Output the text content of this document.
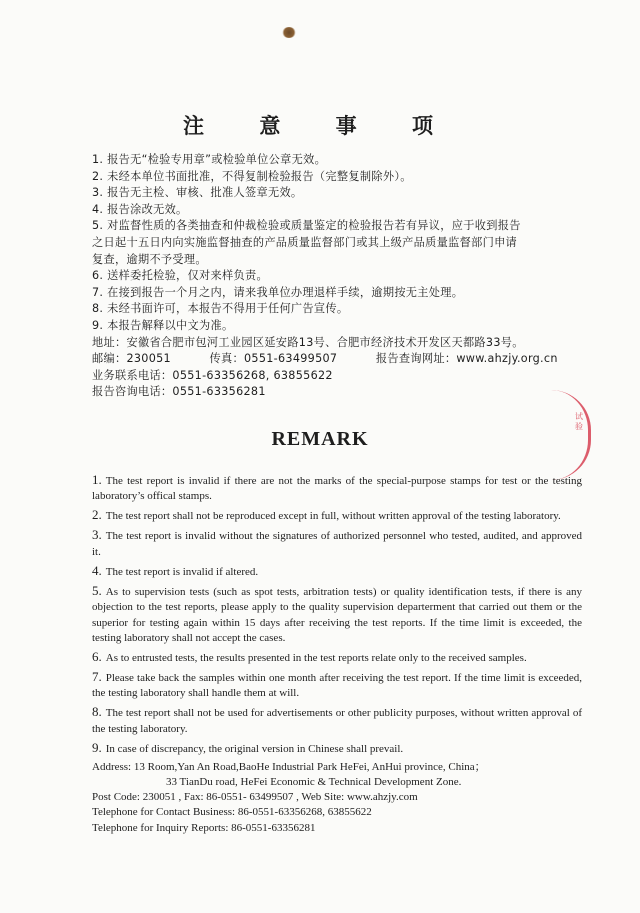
注 意 事 项
1. 报告无“检验专用章”或检验单位公章无效。
2. 未经本单位书面批准，不得复制检验报告（完整复制除外）。
3. 报告无主检、审核、批准人签章无效。
4. 报告涂改无效。
5. 对监督性质的各类抽查和仲裁检验或质量鉴定的检验报告若有异议，应于收到报告
之日起十五日内向实施监督抽查的产品质量监督部门或其上级产品质量监督部门申请
复查，逾期不予受理。
6. 送样委托检验，仅对来样负责。
7. 在接到报告一个月之内，请来我单位办理退样手续，逾期按无主处理。
8. 未经书面许可，本报告不得用于任何广告宣传。
9. 本报告解释以中文为准。
地址：安徽省合肥市包河工业园区延安路13号、合肥市经济技术开发区天都路33号。
邮编：230051          传真：0551-63499507          报告查询网址：www.ahzjy.org.cn
业务联系电话：0551-63356268, 63855622
报告咨询电话：0551-63356281
试 验
REMARK
1. The test report is invalid if there are not the marks of the special-purpose stamps for test or the testing laboratory’s offical stamps.
2. The test report shall not be reproduced except in full, without written approval of the testing laboratory.
3. The test report is invalid without the signatures of authorized personnel who tested, audited, and approved it.
4. The test report is invalid if altered.
5. As to supervision tests (such as spot tests, arbitration tests) or quality identification tests, if there is any objection to the test reports, please apply to the quality supervision departerment that carried out them or the superior for testing again within 15 days after receiving the test reports. If the time limit is exceeded, the testing laboratory shall not accept the cases.
6. As to entrusted tests, the results presented in the test reports relate only to the received samples.
7. Please take back the samples within one month after receiving the test report. If the time limit is exceeded, the testing laboratory shall handle them at will.
8. The test report shall not be used for advertisements or other publicity purposes, without written approval of the testing laboratory.
9. In case of discrepancy, the original version in Chinese shall prevail.
Address: 13 Room,Yan An Road,BaoHe Industrial Park HeFei, AnHui province, China；
33 TianDu road, HeFei Economic & Technical Development Zone.
Post Code: 230051 , Fax: 86-0551- 63499507 , Web Site: www.ahzjy.com
Telephone for Contact Business: 86-0551-63356268, 63855622
Telephone for Inquiry Reports: 86-0551-63356281
